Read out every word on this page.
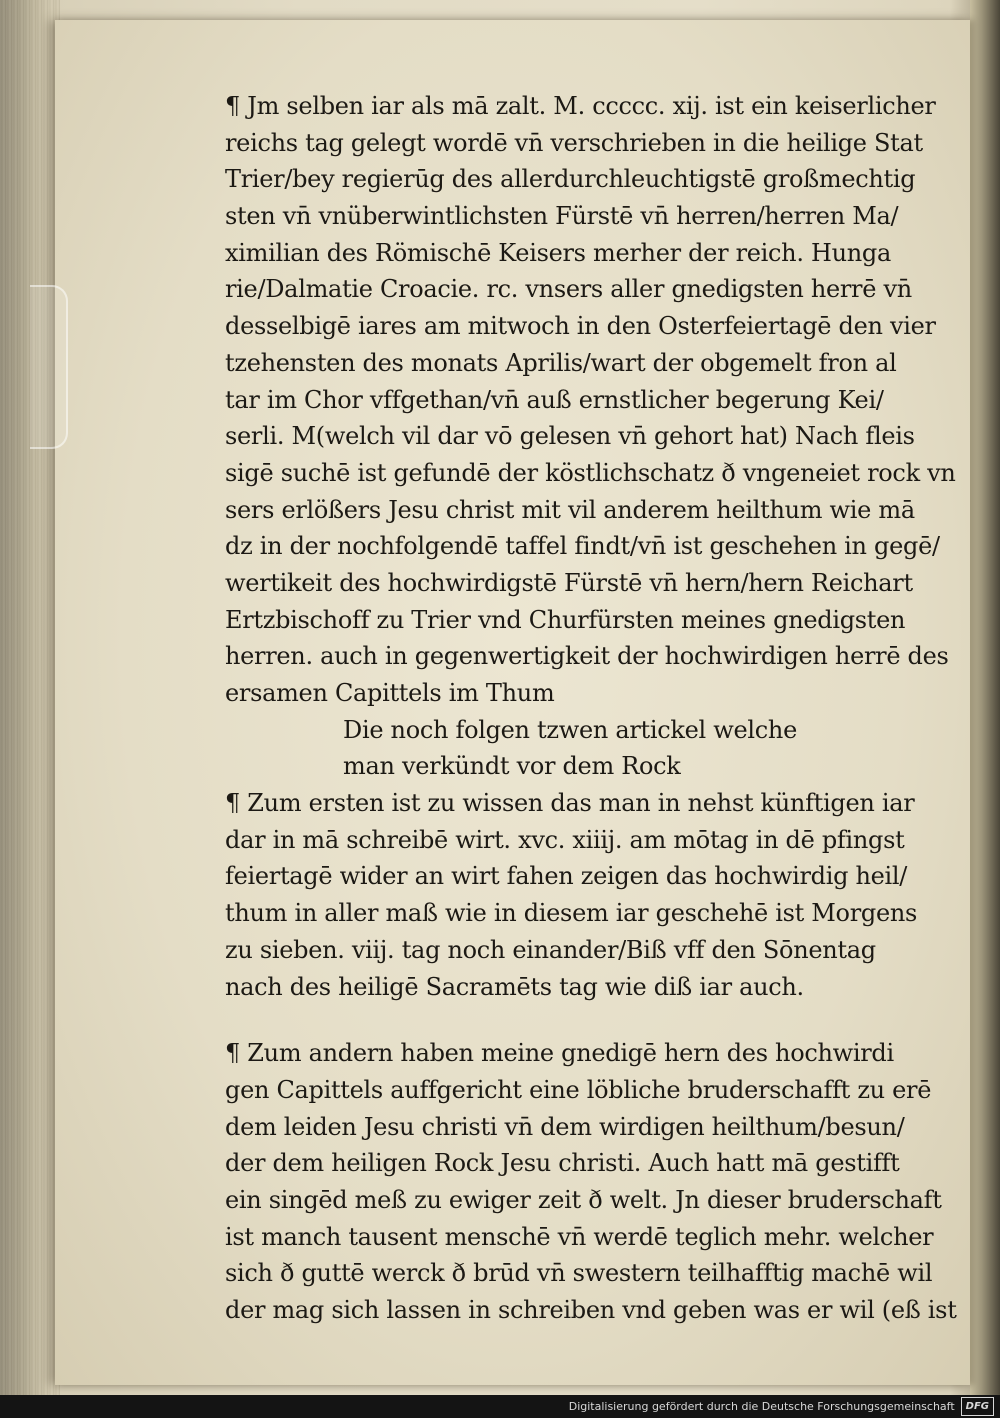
¶ Jm selben iar als mā zalt. M. ccccc. xij. ist ein keiserlicher
reichs tag gelegt wordē vn̄ verschrieben in die heilige Stat
Trier/bey regierūg des allerdurchleuchtigstē großmechtig
sten vn̄ vnüberwintlichsten Fürstē vn̄ herren/herren Ma/
ximilian des Römischē Keisers merher der reich. Hunga
rie/Dalmatie Croacie. rc. vnsers aller gnedigsten herrē vn̄
desselbigē iares am mitwoch in den Osterfeiertagē den vier
tzehensten des monats Aprilis/wart der obgemelt fron al
tar im Chor vffgethan/vn̄ auß ernstlicher begerung Kei/
serli. M(welch vil dar vō gelesen vn̄ gehort hat) Nach fleis
sigē suchē ist gefundē der köstlichschatz ð vngeneiet rock vn
sers erlößers Jesu christ mit vil anderem heilthum wie mā
dz in der nochfolgendē taffel findt/vn̄ ist geschehen in gegē/
wertikeit des hochwirdigstē Fürstē vn̄ hern/hern Reichart
Ertzbischoff zu Trier vnd Churfürsten meines gnedigsten
herren. auch in gegenwertigkeit der hochwirdigen herrē des
ersamen Capittels im Thum
Die noch folgen tzwen artickel welche
man verkündt vor dem Rock
¶ Zum ersten ist zu wissen das man in nehst künftigen iar
dar in mā schreibē wirt. xvc. xiiij. am mōtag in dē pfingst
feiertagē wider an wirt fahen zeigen das hochwirdig heil/
thum in aller maß wie in diesem iar geschehē ist Morgens
zu sieben. viij. tag noch einander/Biß vff den Sōnentag
nach des heiligē Sacramēts tag wie diß iar auch.
¶ Zum andern haben meine gnedigē hern des hochwirdi
gen Capittels auffgericht eine löbliche bruderschafft zu erē
dem leiden Jesu christi vn̄ dem wirdigen heilthum/besun/
der dem heiligen Rock Jesu christi. Auch hatt mā gestifft
ein singēd meß zu ewiger zeit ð welt. Jn dieser bruderschaft
ist manch tausent menschē vn̄ werdē teglich mehr. welcher
sich ð guttē werck ð brūd vn̄ swestern teilhafftig machē wil
der mag sich lassen in schreiben vnd geben was er wil (eß ist
Digitalisierung gefördert durch die Deutsche Forschungsgemeinschaft	DFG
